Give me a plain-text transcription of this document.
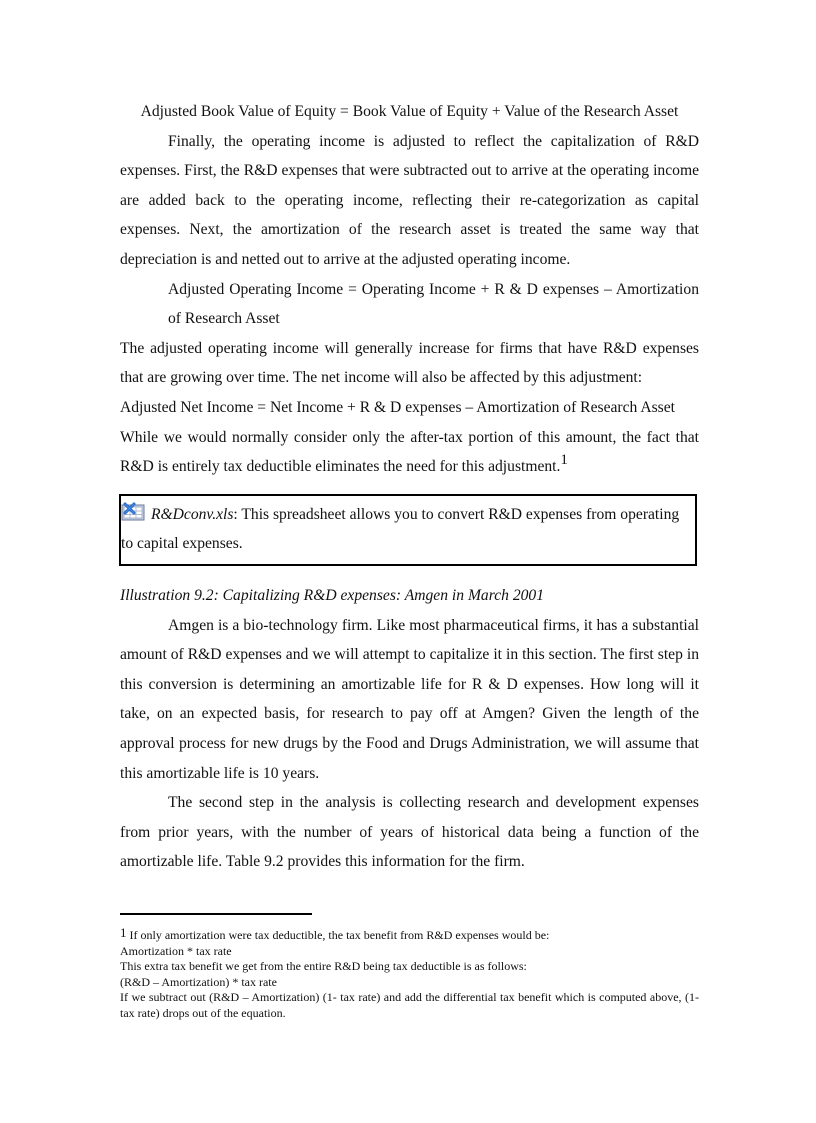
Adjusted Book Value of Equity = Book Value of Equity + Value of the Research Asset

Finally, the operating income is adjusted to reflect the capitalization of R&D expenses. First, the R&D expenses that were subtracted out to arrive at the operating income are added back to the operating income, reflecting their re-categorization as capital expenses. Next, the amortization of the research asset is treated the same way that depreciation is and netted out to arrive at the adjusted operating income.

Adjusted Operating Income = Operating Income + R & D expenses – Amortization of Research Asset

The adjusted operating income will generally increase for firms that have R&D expenses that are growing over time. The net income will also be affected by this adjustment:

Adjusted Net Income = Net Income + R & D expenses – Amortization of Research Asset

While we would normally consider only the after-tax portion of this amount, the fact that R&D is entirely tax deductible eliminates the need for this adjustment.1

R&Dconv.xls: This spreadsheet allows you to convert R&D expenses from operating to capital expenses.

Illustration 9.2: Capitalizing R&D expenses: Amgen in March 2001

Amgen is a bio-technology firm. Like most pharmaceutical firms, it has a substantial amount of R&D expenses and we will attempt to capitalize it in this section. The first step in this conversion is determining an amortizable life for R & D expenses. How long will it take, on an expected basis, for research to pay off at Amgen? Given the length of the approval process for new drugs by the Food and Drugs Administration, we will assume that this amortizable life is 10 years.

The second step in the analysis is collecting research and development expenses from prior years, with the number of years of historical data being a function of the amortizable life. Table 9.2 provides this information for the firm.

1 If only amortization were tax deductible, the tax benefit from R&D expenses would be:
Amortization * tax rate
This extra tax benefit we get from the entire R&D being tax deductible is as follows:
(R&D – Amortization) * tax rate
If we subtract out (R&D – Amortization) (1- tax rate) and add the differential tax benefit which is computed above, (1- tax rate) drops out of the equation.
